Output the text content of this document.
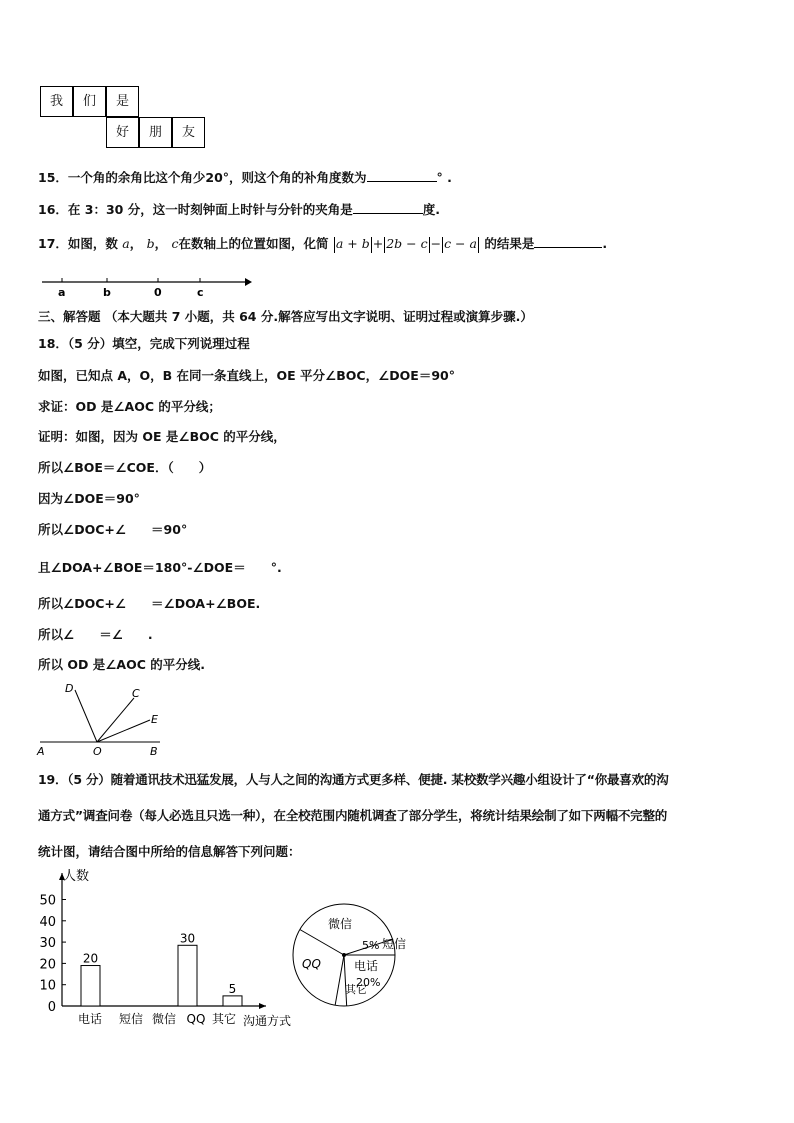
我	们	是
好	朋	友
15．一个角的余角比这个角少20°，则这个角的补角度数为	° .
16．在 3：30 分，这一时刻钟面上时针与分针的夹角是	度.
17．如图，数 a， b， c在数轴上的位置如图，化简 a + b + 2b − c − c − a 的结果是	.
a	b	0	c
三、解答题 （本大题共 7 小题，共 64 分.解答应写出文字说明、证明过程或演算步骤.）
18．（5 分）填空，完成下列说理过程
如图，已知点 A，O，B 在同一条直线上，OE 平分∠BOC，∠DOE＝90°
求证：OD 是∠AOC 的平分线；
证明：如图，因为 OE 是∠BOC 的平分线，
所以∠BOE＝∠COE．（　　）
因为∠DOE＝90°
所以∠DOC+∠　　＝90°
且∠DOA+∠BOE＝180°-∠DOE＝　　°.
所以∠DOC+∠　　＝∠DOA+∠BOE.
所以∠　　＝∠　　.
所以 OD 是∠AOC 的平分线.
D	C
E
A	O	B
19．（5 分）随着通讯技术迅猛发展，人与人之间的沟通方式更多样、便捷. 某校数学兴趣小组设计了“你最喜欢的沟
通方式”调查问卷（每人必选且只选一种），在全校范围内随机调查了部分学生，将统计结果绘制了如下两幅不完整的
统计图，请结合图中所给的信息解答下列问题：
人数
沟通方式
0
10
20
30
40
50
电话
20
短信 微信 QQ
30
其它
5
微信
短信
5%
电话
20%
其它
QQ
